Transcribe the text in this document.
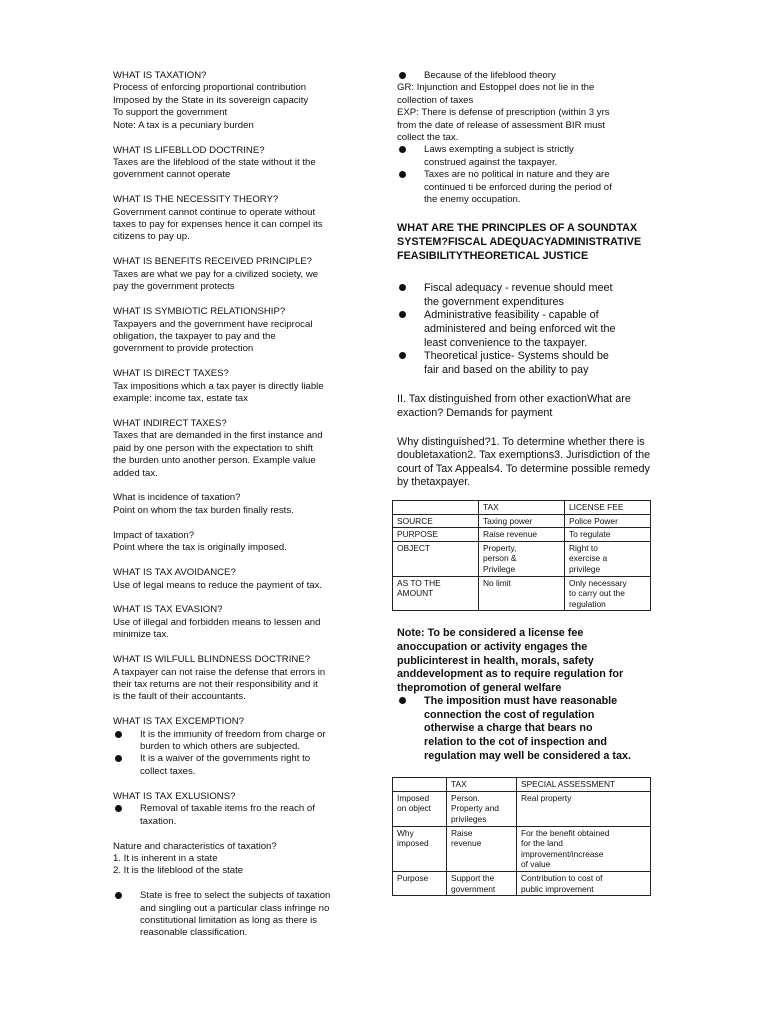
WHAT IS TAXATION?
Process of enforcing proportional contribution
Imposed by the State in its sovereign capacity
To support the government
Note: A tax is a pecuniary burden
WHAT IS LIFEBLLOD DOCTRINE?
Taxes are the lifeblood of the state without it the
government cannot operate
WHAT IS THE NECESSITY THEORY?
Government cannot continue to operate without
taxes to pay for expenses hence it can compel its
citizens to pay up.
WHAT IS BENEFITS RECEIVED PRINCIPLE?
Taxes are what we pay for a civilized society, we
pay the government protects
WHAT IS SYMBIOTIC RELATIONSHIP?
Taxpayers and the government have reciprocal
obligation, the taxpayer to pay and the
government to provide protection
WHAT IS DIRECT TAXES?
Tax impositions which a tax payer is directly liable
example: income tax, estate tax
WHAT INDIRECT TAXES?
Taxes that are demanded in the first instance and
paid by one person with the expectation to shift
the burden unto another person. Example value
added tax.
What is incidence of taxation?
Point on whom the tax burden finally rests.
Impact of taxation?
Point where the tax is originally imposed.
WHAT IS TAX AVOIDANCE?
Use of legal means to reduce the payment of tax.
WHAT IS TAX EVASION?
Use of illegal and forbidden means to lessen and
minimize tax.
WHAT IS WILFULL BLINDNESS DOCTRINE?
A taxpayer can not raise the defense that errors in
their tax returns are not their responsibility and it
is the fault of their accountants.
WHAT IS TAX EXCEMPTION?
It is the immunity of freedom from charge or
burden to which others are subjected.
It is a waiver of the governments right to
collect taxes.
WHAT IS TAX EXLUSIONS?
Removal of taxable items fro the reach of
taxation.
Nature and characteristics of taxation?
1. It is inherent in a state
2. It is the lifeblood of the state
State is free to select the subjects of taxation
and singling out a particular class infringe no
constitutional limitation as long as there is
reasonable classification.
Because of the lifeblood theory
GR: Injunction and Estoppel does not lie in the
collection of taxes
EXP: There is defense of prescription (within 3 yrs
from the date of release of assessment BIR must
collect the tax.
Laws exempting a subject is strictly
construed against the taxpayer.
Taxes are no political in nature and they are
continued ti be enforced during the period of
the enemy occupation.
WHAT ARE THE PRINCIPLES OF A SOUNDTAX SYSTEM?FISCAL ADEQUACYADMINISTRATIVE FEASIBILITYTHEORETICAL JUSTICE
Fiscal adequacy - revenue should meet
the government expenditures
Administrative feasibility - capable of
administered and being enforced wit the
least convenience to the taxpayer.
Theoretical justice- Systems should be
fair and based on the ability to pay
II. Tax distinguished from other exactionWhat are exaction? Demands for payment
Why distinguished?1. To determine whether there is doubletaxation2. Tax exemptions3. Jurisdiction of the court of Tax Appeals4. To determine possible remedy by thetaxpayer.
	TAX	LICENSE FEE

SOURCE	Taxing power	Police Power

PURPOSE	Raise revenue	To regulate

OBJECT	Property,
person &
Privilege	Right to
exercise a
privilege

AS TO THE
AMOUNT	No limit	Only necessary
to carry out the
regulation
Note: To be considered a license fee anoccupation or activity engages the publicinterest in health, morals, safety anddevelopment as to require regulation for thepromotion of general welfare
The imposition must have reasonable
connection the cost of regulation
otherwise a charge that bears no
relation to the cot of inspection and
regulation may well be considered a tax.
	TAX	SPECIAL ASSESSMENT

Imposed
on object	Person.
Property and
privileges	Real property

Why
imposed	Raise
revenue	For the benefit obtained
for the land
improvement/increase
of value

Purpose	Support the
government	Contribution to cost of
public improvement
